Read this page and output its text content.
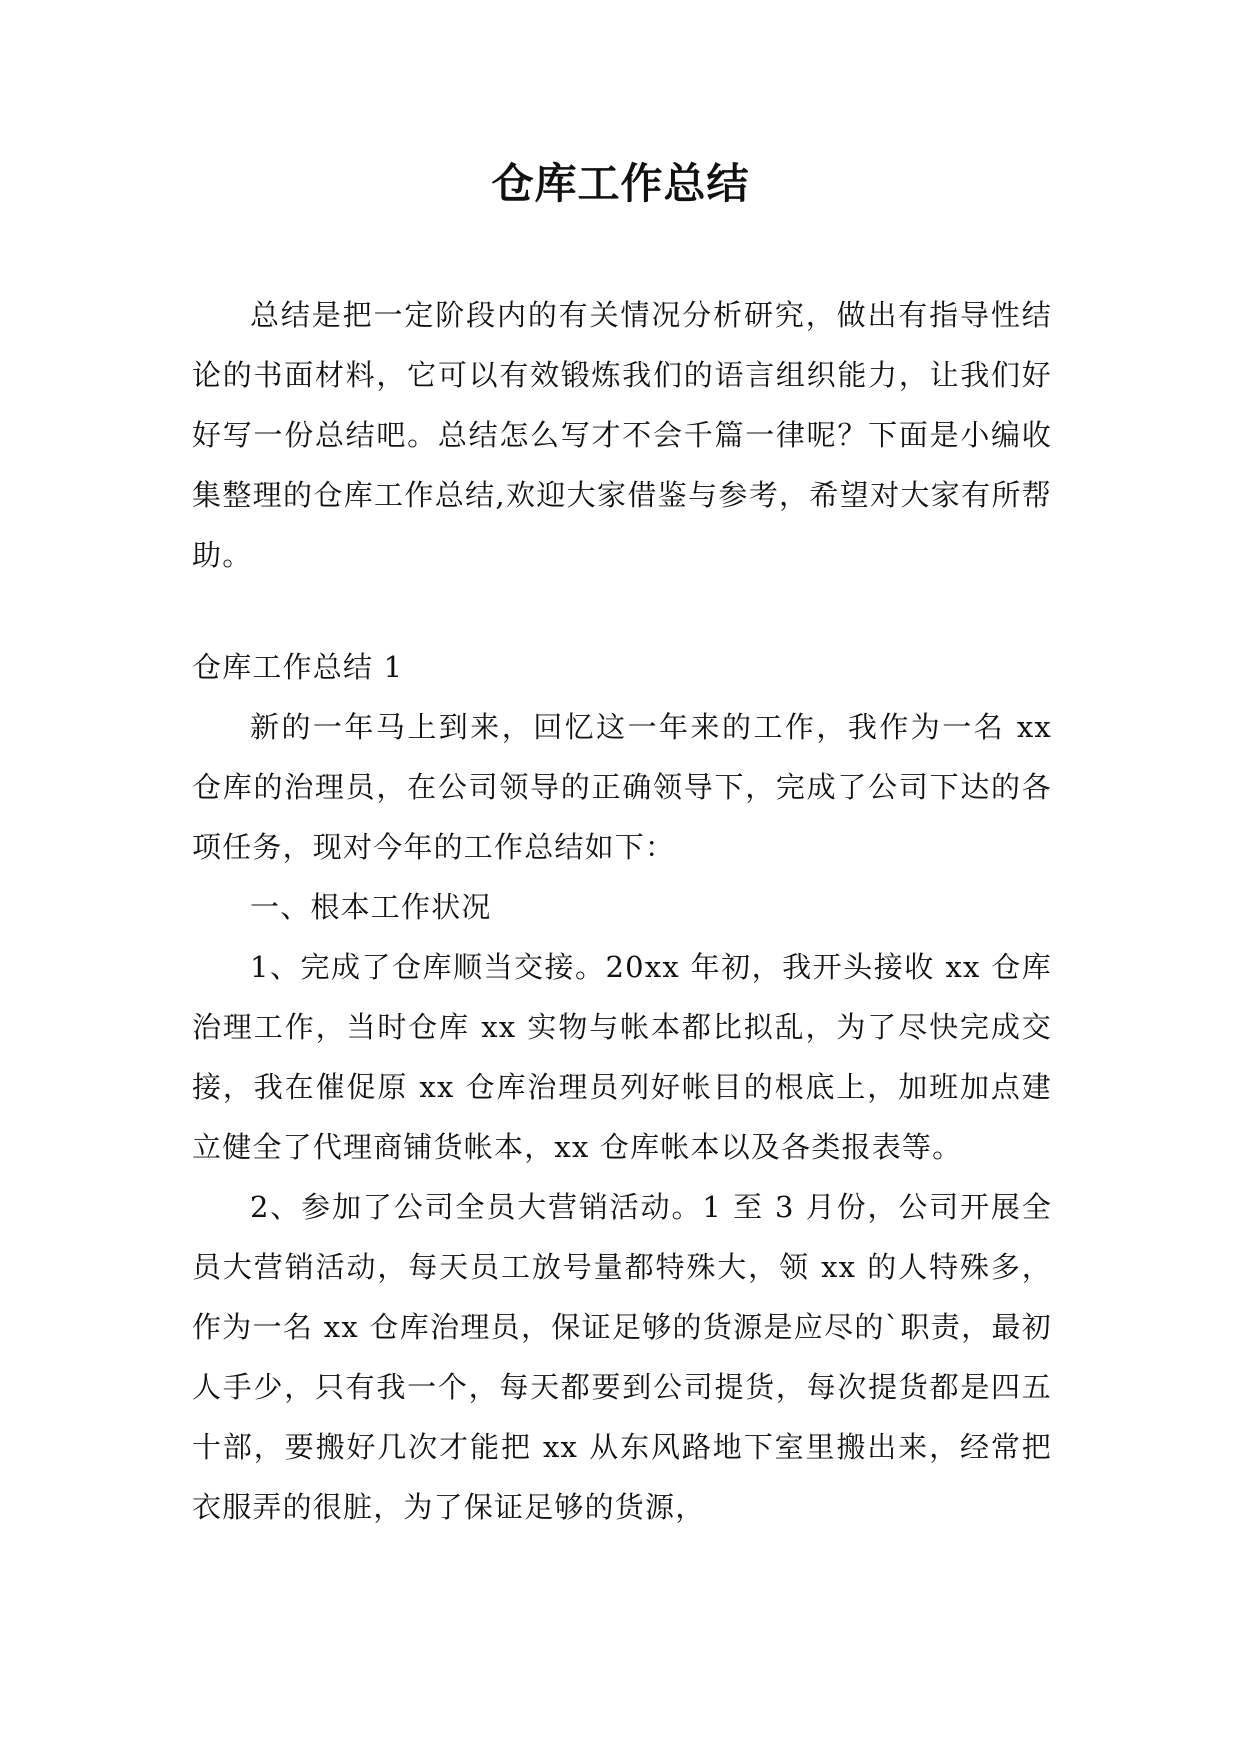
仓库工作总结

总结是把一定阶段内的有关情况分析研究，做出有指导性结论的书面材料，它可以有效锻炼我们的语言组织能力，让我们好好写一份总结吧。总结怎么写才不会千篇一律呢？下面是小编收集整理的仓库工作总结,欢迎大家借鉴与参考，希望对大家有所帮助。

仓库工作总结 1

新的一年马上到来，回忆这一年来的工作，我作为一名 xx 仓库的治理员，在公司领导的正确领导下，完成了公司下达的各项任务，现对今年的工作总结如下：

一、根本工作状况

1、完成了仓库顺当交接。20xx 年初，我开头接收 xx 仓库治理工作，当时仓库 xx 实物与帐本都比拟乱，为了尽快完成交接，我在催促原 xx 仓库治理员列好帐目的根底上，加班加点建立健全了代理商铺货帐本，xx 仓库帐本以及各类报表等。

2、参加了公司全员大营销活动。1 至 3 月份，公司开展全员大营销活动，每天员工放号量都特殊大，领 xx 的人特殊多，作为一名 xx 仓库治理员，保证足够的货源是应尽的`职责，最初人手少，只有我一个，每天都要到公司提货，每次提货都是四五十部，要搬好几次才能把 xx 从东风路地下室里搬出来，经常把衣服弄的很脏，为了保证足够的货源，
